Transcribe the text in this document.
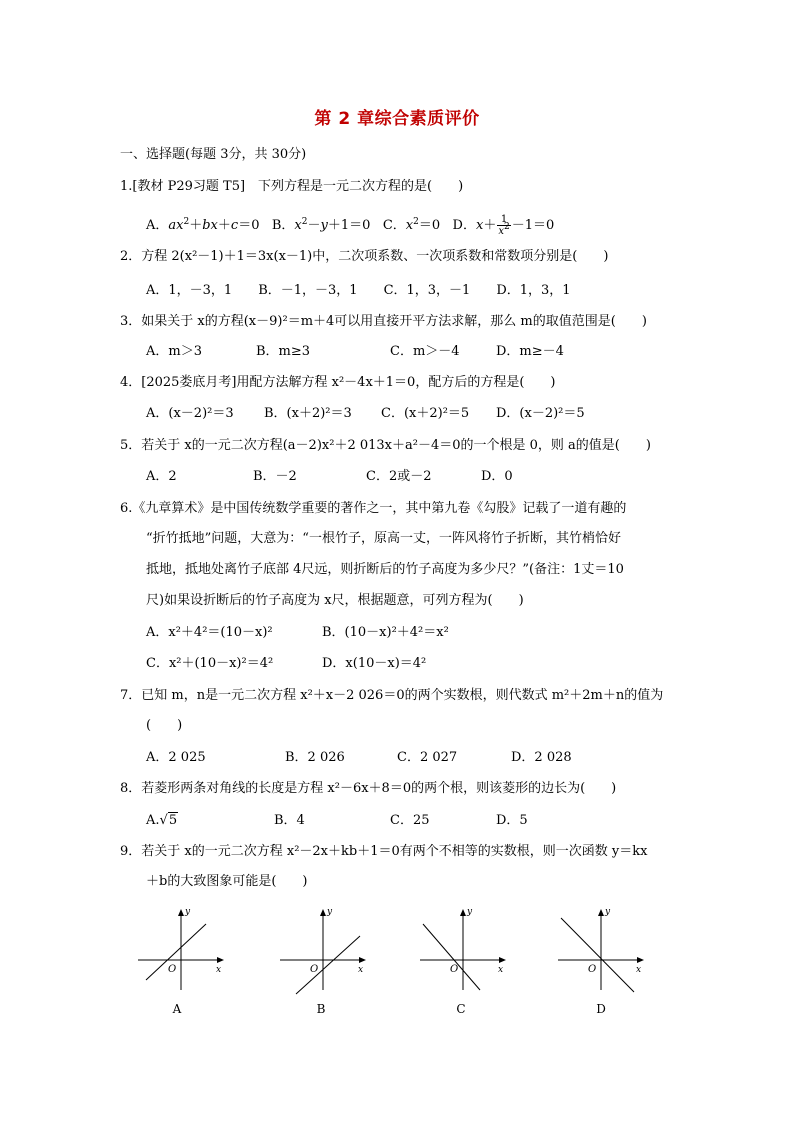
第 2 章综合素质评价
一、选择题(每题 3分，共 30分)
1.[教材 P29习题 T5]　下列方程是一元二次方程的是(　　)
A．$ax^2+bx+c=0$   B．$x^2-y+1=0$   C．$x^2=0$   D．$x+ \frac{1}{x^2} -1=0$
2．方程 2(x²－1)＋1＝3x(x－1)中，二次项系数、一次项系数和常数项分别是(　　)
A．1，－3，1　　B．－1，－3，1　　C．1，3，－1　　D．1，3，1
3．如果关于 x的方程(x－9)²＝m＋4可以用直接开平方法求解，那么 m的取值范围是(　　)
A．m＞3	B．m≥3	C．m＞－4	D．m≥－4
4．[2025娄底月考]用配方法解方程 x²－4x＋1＝0，配方后的方程是(　　)
A．(x－2)²＝3 B．(x＋2)²＝3 C．(x＋2)²＝5 D．(x－2)²＝5
5．若关于 x的一元二次方程(a－2)x²＋2 013x＋a²－4＝0的一个根是 0，则 a的值是(　　)
A．2	B．－2	C．2或－2	D．0
6.《九章算术》是中国传统数学重要的著作之一，其中第九卷《勾股》记载了一道有趣的
“折竹抵地”问题，大意为：“一根竹子，原高一丈，一阵风将竹子折断，其竹梢恰好
抵地，抵地处离竹子底部 4尺远，则折断后的竹子高度为多少尺？”(备注：1丈＝10
尺)如果设折断后的竹子高度为 x尺，根据题意，可列方程为(　　)
A．x²＋4²＝(10－x)²	B．(10－x)²＋4²＝x²
C．x²＋(10－x)²＝4²	D．x(10－x)＝4²
7．已知 m，n是一元二次方程 x²＋x－2 026＝0的两个实数根，则代数式 m²＋2m＋n的值为
(　　)
A．2 025	B．2 026	C．2 027	D．2 028
8．若菱形两条对角线的长度是方程 x²－6x＋8＝0的两个根，则该菱形的边长为(　　)
A.√5	B．4	C．25	D．5
9．若关于 x的一元二次方程 x²－2x＋kb＋1＝0有两个不相等的实数根，则一次函数 y＝kx
＋b的大致图象可能是(　　)
y
x
O
A
y
x
O
B
y
x
O
C
y
x
O
D
